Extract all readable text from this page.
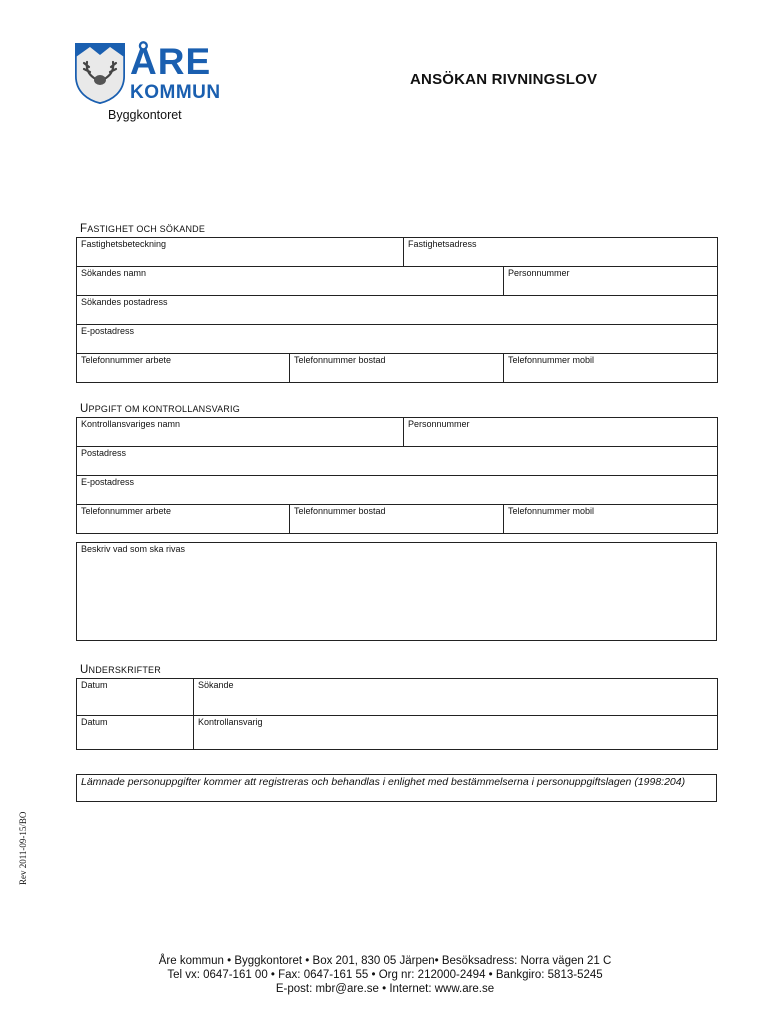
ÅRE
KOMMUN
Byggkontoret
ANSÖKAN RIVNINGSLOV
FASTIGHET OCH SÖKANDE
Fastighetsbeteckning		Fastighetsadress	
Sökandes namn			Personnummer
Sökandes postadress			
E-postadress			
Telefonnummer arbete	Telefonnummer bostad		Telefonnummer mobil
UPPGIFT OM KONTROLLANSVARIG
Kontrollansvariges namn		Personnummer	
Postadress			
E-postadress			
Telefonnummer arbete	Telefonnummer bostad		Telefonnummer mobil
Beskriv vad som ska rivas
UNDERSKRIFTER
Datum	Sökande
Datum	Kontrollansvarig
Lämnade personuppgifter kommer att registreras och behandlas i enlighet med bestämmelserna i personuppgiftslagen (1998:204)
Rev 2011-09-15/BO
Åre kommun • Byggkontoret • Box 201, 830 05 Järpen• Besöksadress: Norra vägen 21 C
Tel vx: 0647-161 00 • Fax: 0647-161 55 • Org nr: 212000-2494 • Bankgiro: 5813-5245
E-post: mbr@are.se • Internet: www.are.se
